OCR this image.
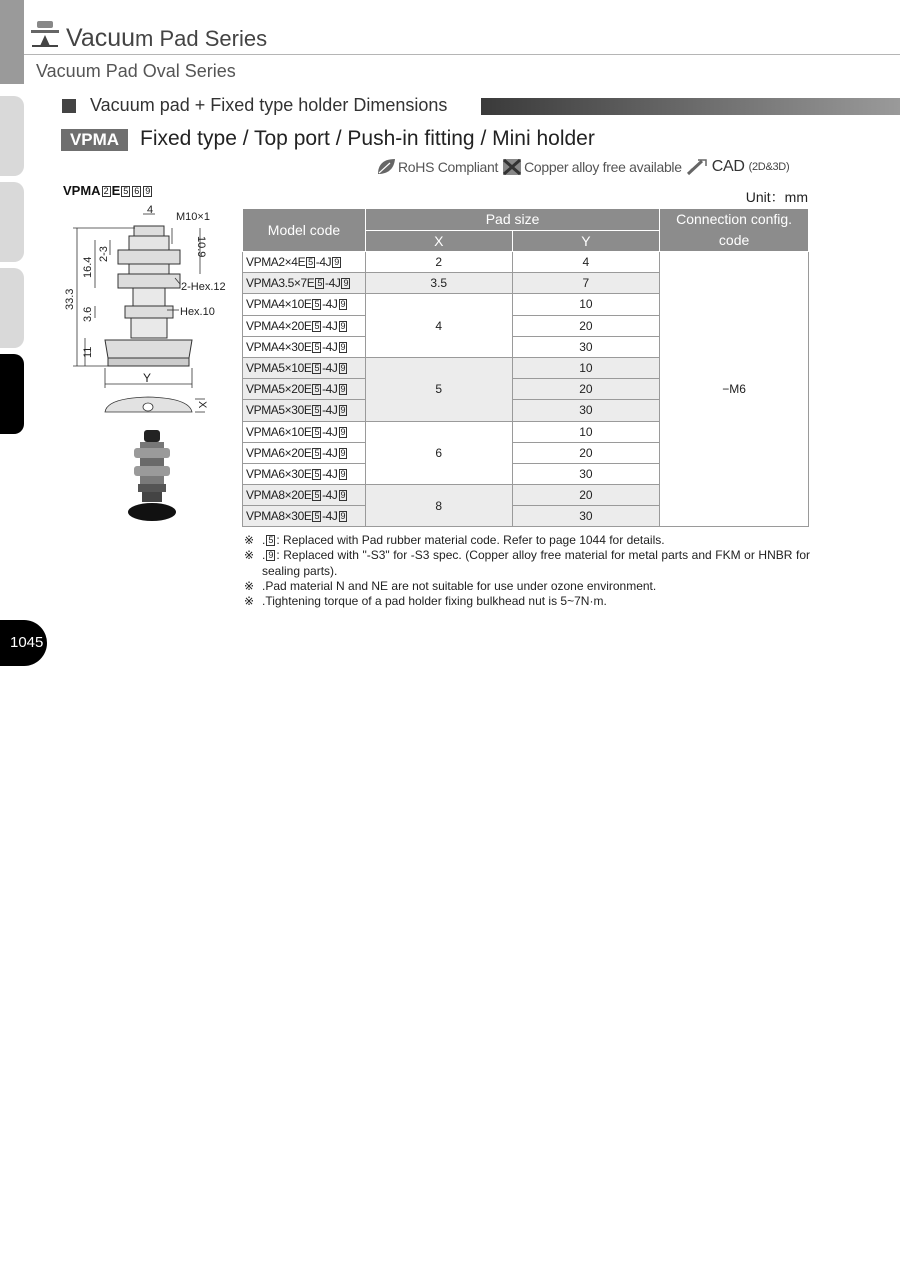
Vacuum Pad Series
Vacuum Pad Oval Series
Vacuum pad + Fixed type holder Dimensions
VPMA Fixed type / Top port / Push-in fitting / Mini holder
RoHS Compliant Copper alloy free available CAD (2D&3D)
VPMA 2 E 5 6 9	Unit：mm
4
M10×1
2-Hex.12
Hex.10
Y
10.9
2-3
16.4
33.3
3.6
11
X
Model code	Pad size		Connection config. code
	X	Y	
VPMA2×4E 5 -4J 9	2	4	−M6
VPMA3.5×7E 5 -4J 9	3.5	7	
VPMA4×10E 5 -4J 9	4	10	
VPMA4×20E 5 -4J 9		20	
VPMA4×30E 5 -4J 9		30	
VPMA5×10E 5 -4J 9	5	10	
VPMA5×20E 5 -4J 9		20	
VPMA5×30E 5 -4J 9		30	
VPMA6×10E 5 -4J 9	6	10	
VPMA6×20E 5 -4J 9		20	
VPMA6×30E 5 -4J 9		30	
VPMA8×20E 5 -4J 9	8	20	
VPMA8×30E 5 -4J 9		30	

※ . 5 : Replaced with Pad rubber material code. Refer to page 1044 for details.

※ . 9 : Replaced with "-S3" for -S3 spec. (Copper alloy free material for metal parts and FKM or HNBR for sealing parts).

※ .Pad material N and NE are not suitable for use under ozone environment.

※ .Tightening torque of a pad holder fixing bulkhead nut is 5~7N·m.

1045
